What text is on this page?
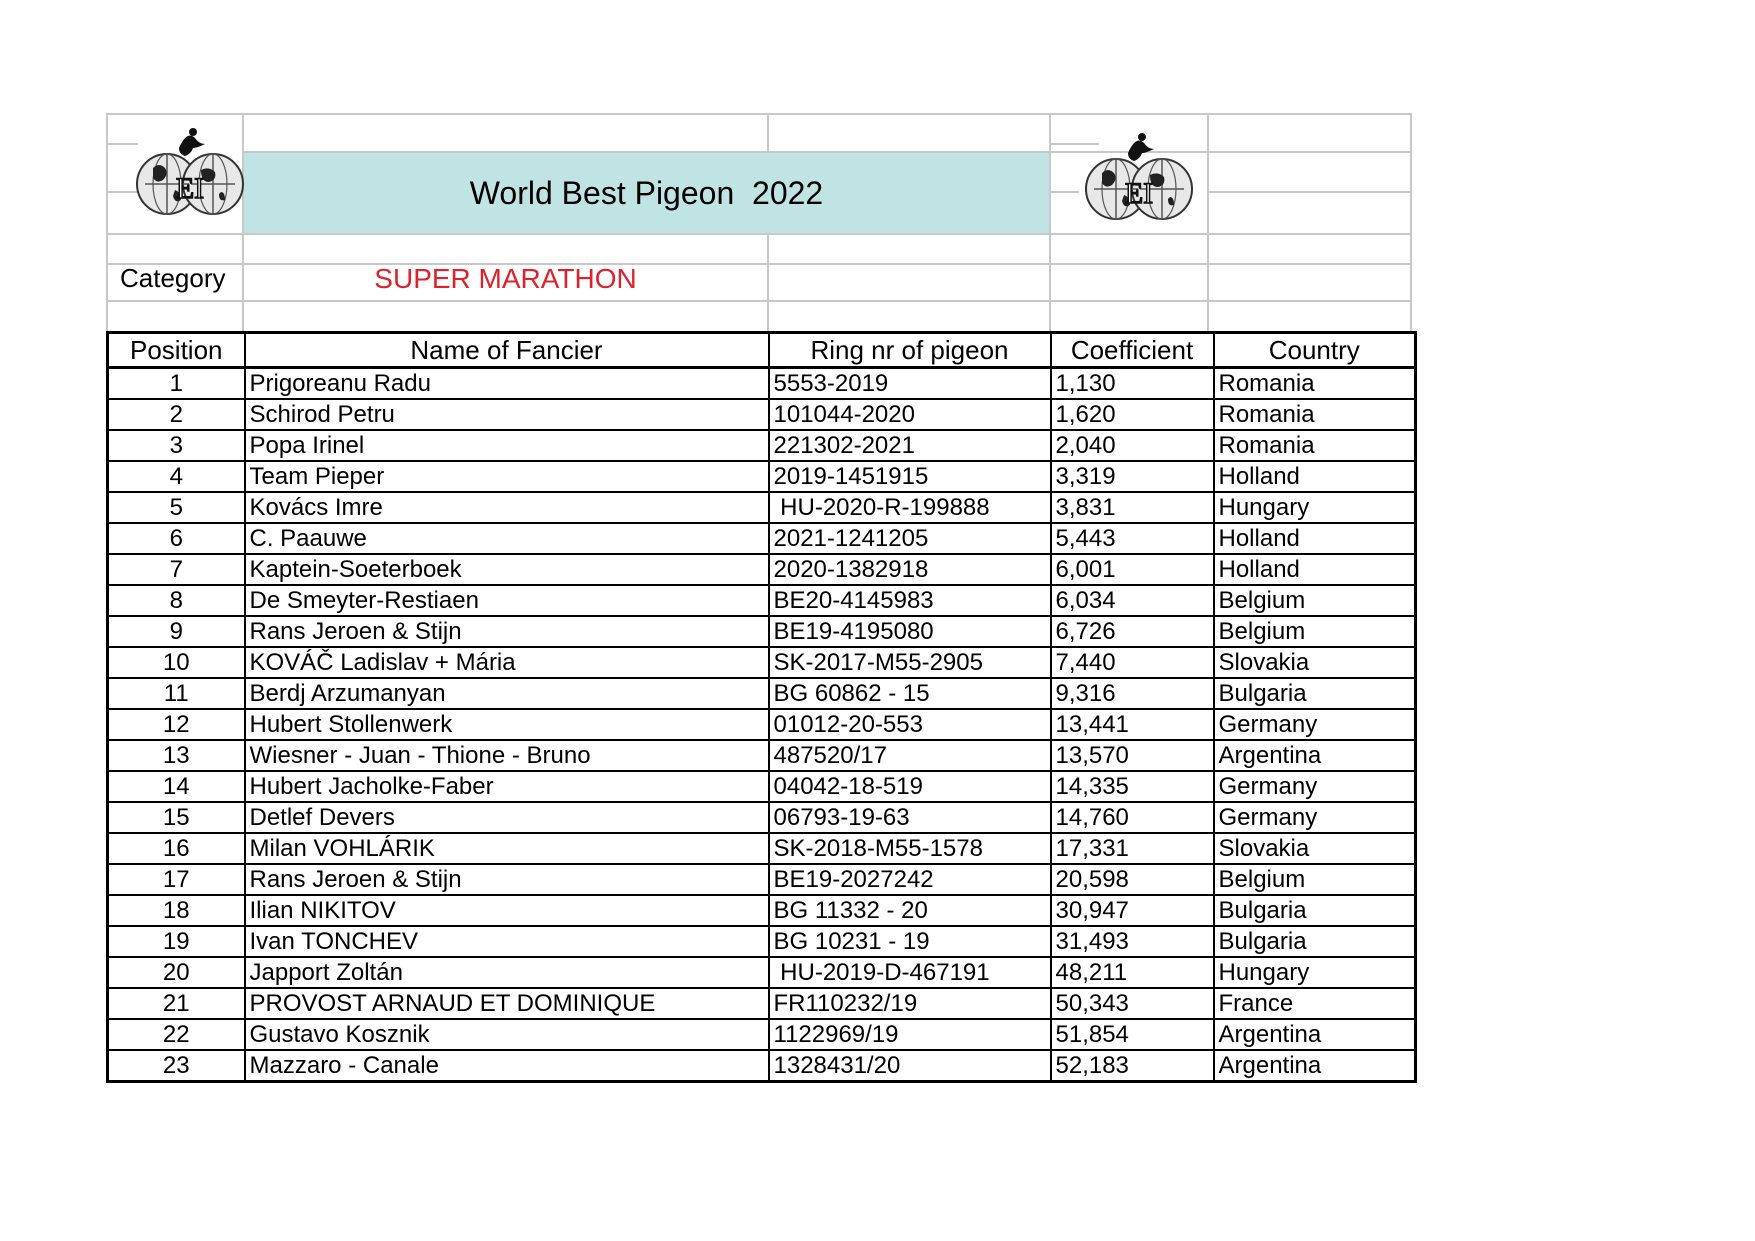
World Best Pigeon  2022
EI	EI
Category	SUPER MARATHON
Position	Name of Fancier	Ring nr of pigeon	Coefficient	Country
1	Prigoreanu Radu	5553-2019	1,130	Romania
2	Schirod Petru	101044-2020	1,620	Romania
3	Popa Irinel	221302-2021	2,040	Romania
4	Team Pieper	2019-1451915	3,319	Holland
5	Kovács Imre	HU-2020-R-199888	3,831	Hungary
6	C. Paauwe	2021-1241205	5,443	Holland
7	Kaptein-Soeterboek	2020-1382918	6,001	Holland
8	De Smeyter-Restiaen	BE20-4145983	6,034	Belgium
9	Rans Jeroen & Stijn	BE19-4195080	6,726	Belgium
10	KOVÁČ Ladislav + Mária	SK-2017-M55-2905	7,440	Slovakia
11	Berdj Arzumanyan	BG 60862 - 15	9,316	Bulgaria
12	Hubert Stollenwerk	01012-20-553	13,441	Germany
13	Wiesner - Juan - Thione - Bruno	487520/17	13,570	Argentina
14	Hubert Jacholke-Faber	04042-18-519	14,335	Germany
15	Detlef Devers	06793-19-63	14,760	Germany
16	Milan VOHLÁRIK	SK-2018-M55-1578	17,331	Slovakia
17	Rans Jeroen & Stijn	BE19-2027242	20,598	Belgium
18	Ilian NIKITOV	BG 11332 - 20	30,947	Bulgaria
19	Ivan TONCHEV	BG 10231 - 19	31,493	Bulgaria
20	Japport Zoltán	HU-2019-D-467191	48,211	Hungary
21	PROVOST ARNAUD ET DOMINIQUE	FR110232/19	50,343	France
22	Gustavo Kosznik	1122969/19	51,854	Argentina
23	Mazzaro - Canale	1328431/20	52,183	Argentina
